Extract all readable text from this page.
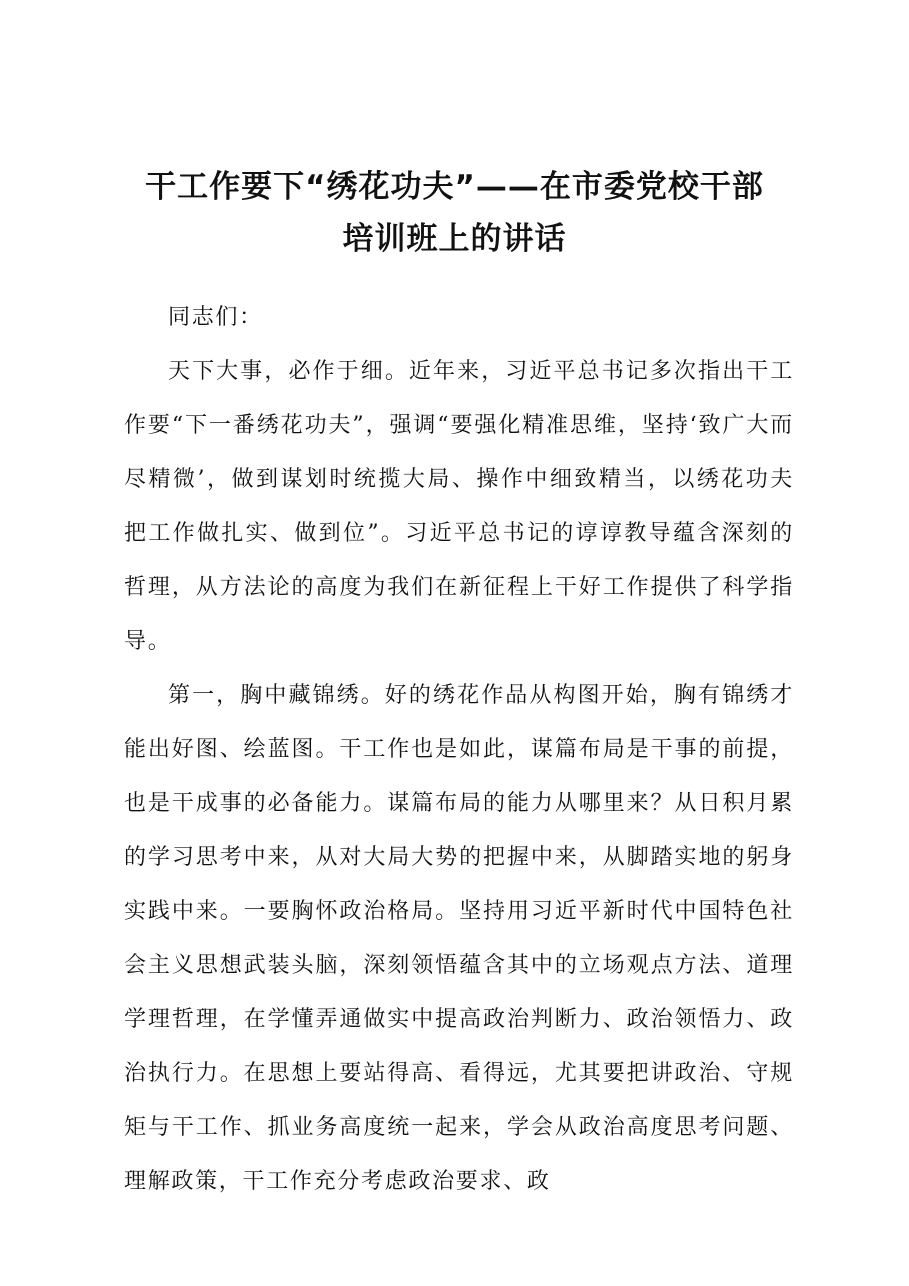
干工作要下“绣花功夫”——在市委党校干部
培训班上的讲话

同志们：

天下大事，必作于细。近年来，习近平总书记多次指出干工作要“下一番绣花功夫”，强调“要强化精准思维，坚持‘致广大而尽精微’，做到谋划时统揽大局、操作中细致精当，以绣花功夫把工作做扎实、做到位”。习近平总书记的谆谆教导蕴含深刻的哲理，从方法论的高度为我们在新征程上干好工作提供了科学指导。

第一，胸中藏锦绣。好的绣花作品从构图开始，胸有锦绣才能出好图、绘蓝图。干工作也是如此，谋篇布局是干事的前提，也是干成事的必备能力。谋篇布局的能力从哪里来？从日积月累的学习思考中来，从对大局大势的把握中来，从脚踏实地的躬身实践中来。一要胸怀政治格局。坚持用习近平新时代中国特色社会主义思想武装头脑，深刻领悟蕴含其中的立场观点方法、道理学理哲理，在学懂弄通做实中提高政治判断力、政治领悟力、政治执行力。在思想上要站得高、看得远，尤其要把讲政治、守规矩与干工作、抓业务高度统一起来，学会从政治高度思考问题、理解政策，干工作充分考虑政治要求、政
